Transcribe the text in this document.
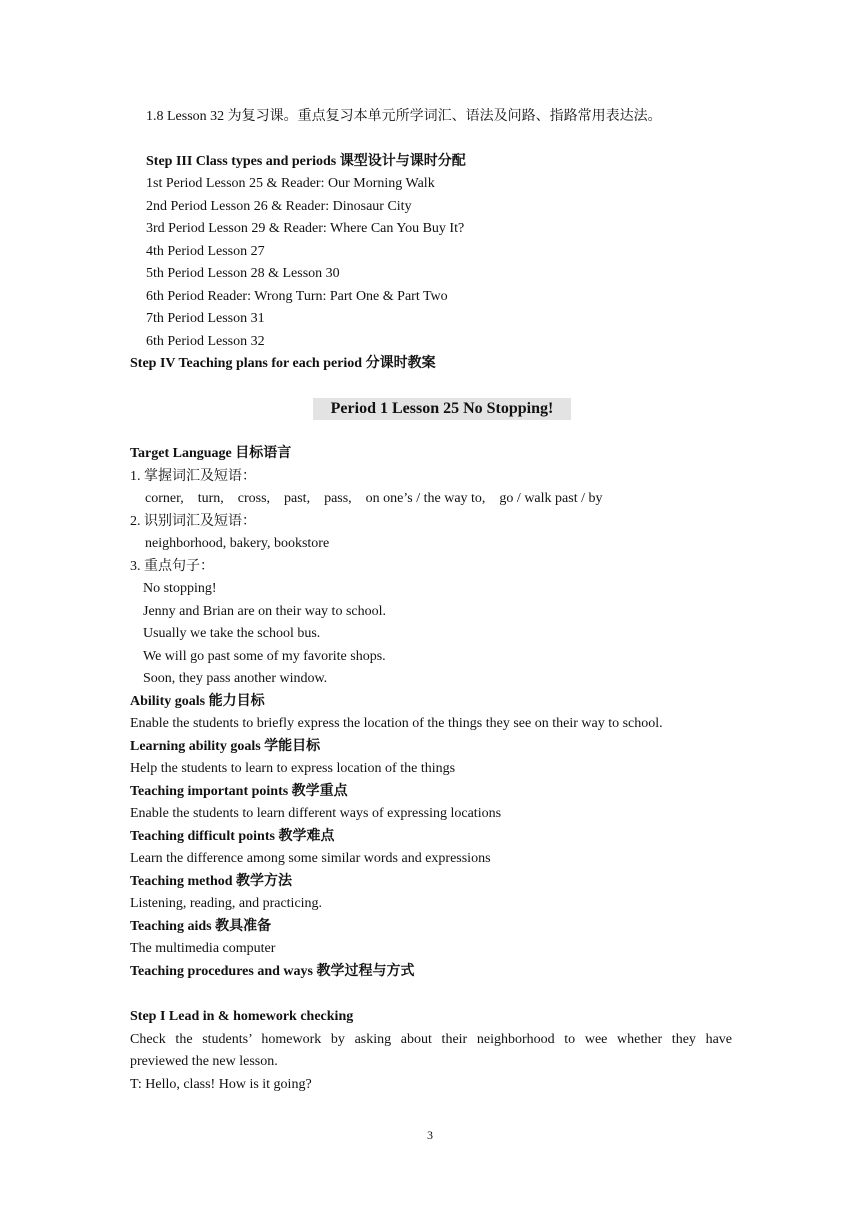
1.8 Lesson 32 为复习课。重点复习本单元所学词汇、语法及问路、指路常用表达法。
Step III Class types and periods 课型设计与课时分配
1st Period Lesson 25 & Reader: Our Morning Walk
2nd Period Lesson 26 & Reader: Dinosaur City
3rd Period Lesson 29 & Reader: Where Can You Buy It?
4th Period Lesson 27
5th Period Lesson 28 & Lesson 30
6th Period Reader: Wrong Turn: Part One & Part Two
7th Period Lesson 31
6th Period Lesson 32
Step IV Teaching plans for each period 分课时教案
Period 1 Lesson 25 No Stopping!
Target Language 目标语言
1. 掌握词汇及短语：
corner,    turn,    cross,    past,    pass,    on one’s / the way to,    go / walk past / by
2. 识别词汇及短语：
neighborhood, bakery, bookstore
3. 重点句子：
No stopping!
Jenny and Brian are on their way to school.
Usually we take the school bus.
We will go past some of my favorite shops.
Soon, they pass another window.
Ability goals 能力目标
Enable the students to briefly express the location of the things they see on their way to school.
Learning ability goals 学能目标
Help the students to learn to express location of the things
Teaching important points 教学重点
Enable the students to learn different ways of expressing locations
Teaching difficult points 教学难点
Learn the difference among some similar words and expressions
Teaching method 教学方法
Listening, reading, and practicing.
Teaching aids 教具准备
The multimedia computer
Teaching procedures and ways 教学过程与方式
Step I Lead in & homework checking
Check the students’ homework by asking about their neighborhood to wee whether they have
previewed the new lesson.
T: Hello, class! How is it going?
3
